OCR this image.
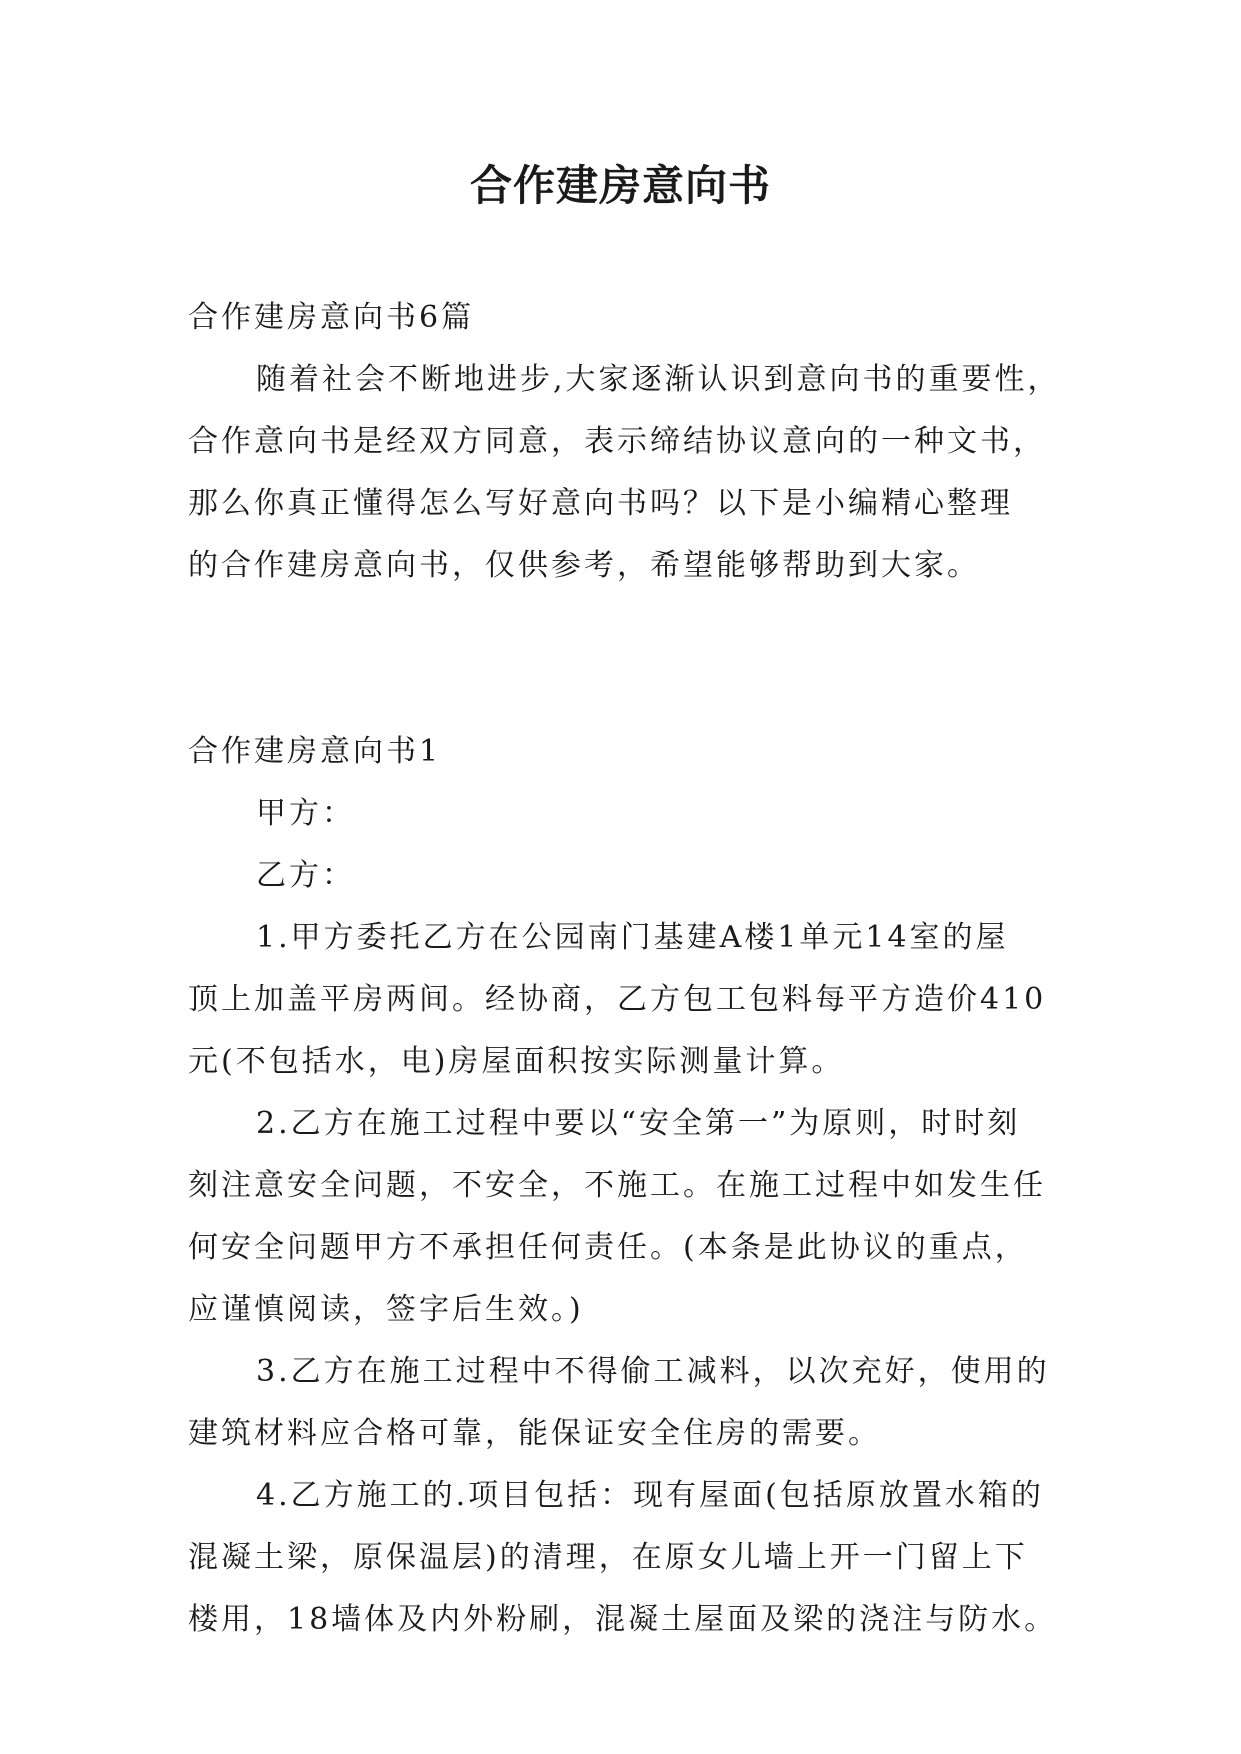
合作建房意向书
合作建房意向书6篇
随着社会不断地进步,大家逐渐认识到意向书的重要性，
合作意向书是经双方同意，表示缔结协议意向的一种文书，
那么你真正懂得怎么写好意向书吗？以下是小编精心整理
的合作建房意向书，仅供参考，希望能够帮助到大家。
合作建房意向书1
甲方：
乙方：
1.甲方委托乙方在公园南门基建A楼1单元14室的屋
顶上加盖平房两间。经协商，乙方包工包料每平方造价410
元(不包括水，电)房屋面积按实际测量计算。
2.乙方在施工过程中要以“安全第一”为原则，时时刻
刻注意安全问题，不安全，不施工。在施工过程中如发生任
何安全问题甲方不承担任何责任。(本条是此协议的重点，
应谨慎阅读，签字后生效。)
3.乙方在施工过程中不得偷工减料，以次充好，使用的
建筑材料应合格可靠，能保证安全住房的需要。
4.乙方施工的.项目包括：现有屋面(包括原放置水箱的
混凝土梁，原保温层)的清理，在原女儿墙上开一门留上下
楼用，18墙体及内外粉刷，混凝土屋面及梁的浇注与防水。
